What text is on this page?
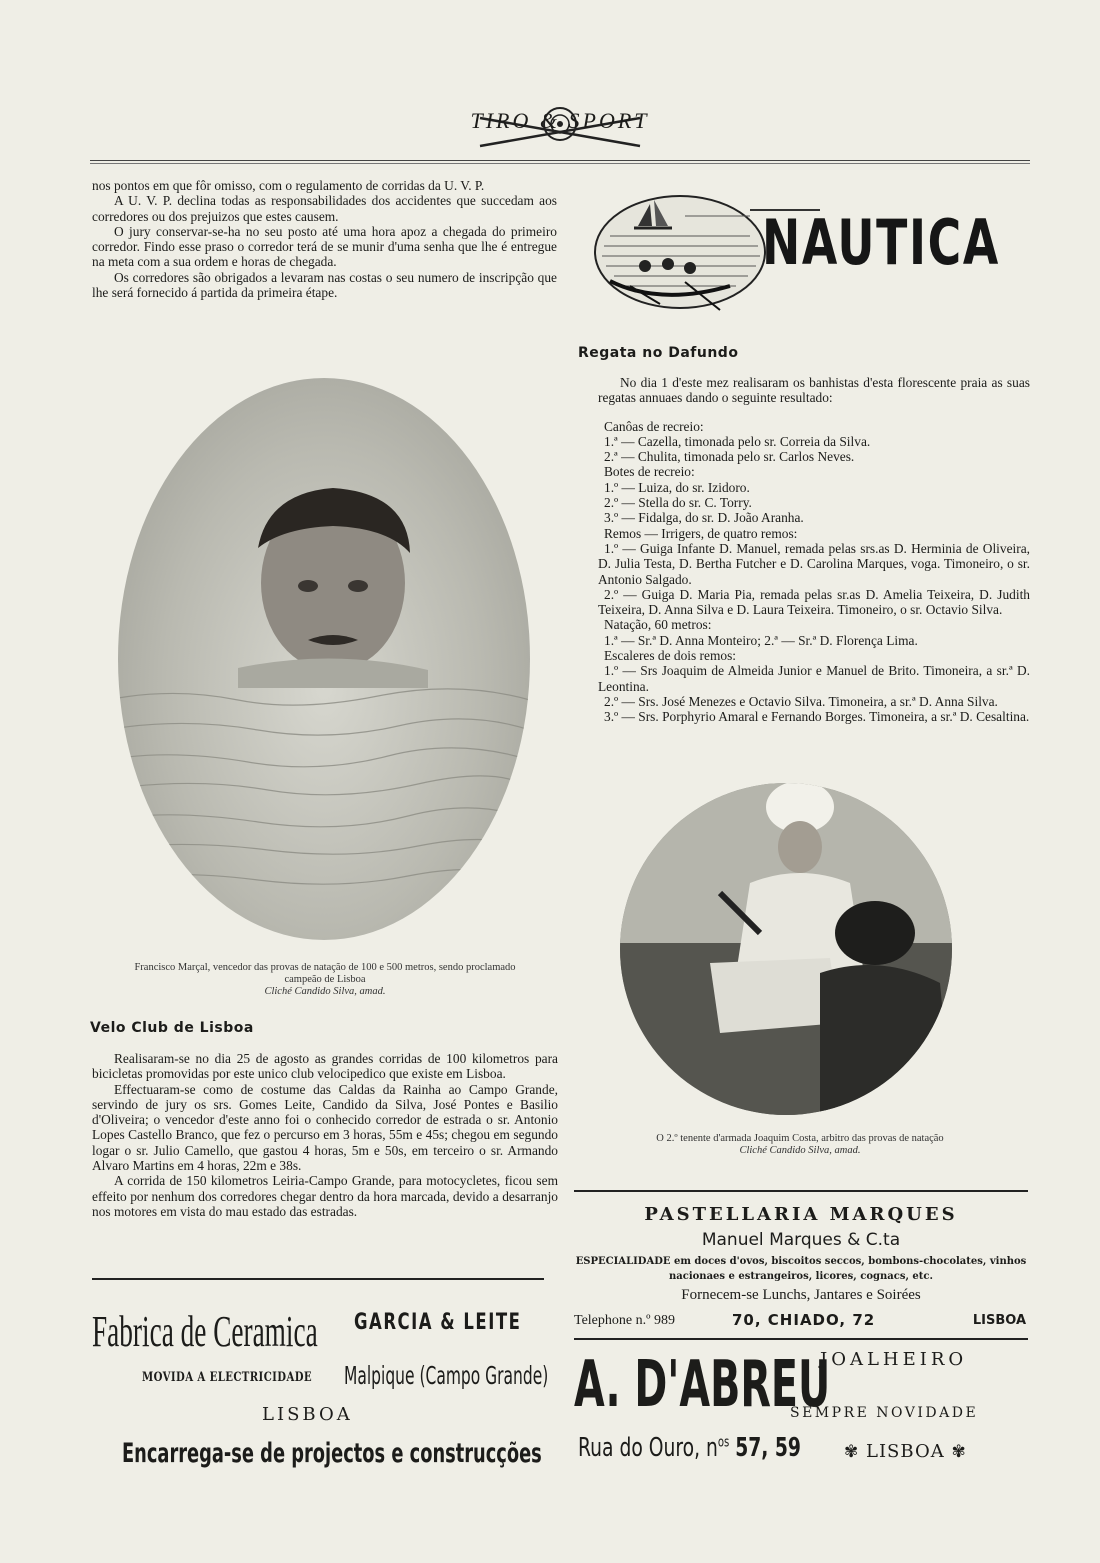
TIRO & SPORT

nos pontos em que fôr omisso, com o regulamento de corridas da U. V. P.

A U. V. P. declina todas as responsabilidades dos accidentes que succedam aos corredores ou dos prejuizos que estes causem.

O jury conservar-se-ha no seu posto até uma hora apoz a chegada do primeiro corredor. Findo esse praso o corredor terá de se munir d'uma senha que lhe é entregue na meta com a sua ordem e horas de chegada.

Os corredores são obrigados a levaram nas costas o seu numero de inscripção que lhe será fornecido á partida da primeira étape.

NAUTICA
Regata no Dafundo

No dia 1 d'este mez realisaram os banhistas d'esta florescente praia as suas regatas annuaes dando o seguinte resultado:

Canôas de recreio:

1.ª — Cazella, timonada pelo sr. Correia da Silva.

2.ª — Chulita, timonada pelo sr. Carlos Neves.

Botes de recreio:

1.º — Luiza, do sr. Izidoro.

2.º — Stella do sr. C. Torry.

3.º — Fidalga, do sr. D. João Aranha.

Remos — Irrigers, de quatro remos:

1.º — Guiga Infante D. Manuel, remada pelas srs.as D. Herminia de Oliveira, D. Julia Testa, D. Bertha Futcher e D. Carolina Marques, voga. Timoneiro, o sr. Antonio Salgado.

2.º — Guiga D. Maria Pia, remada pelas sr.as D. Amelia Teixeira, D. Judith Teixeira, D. Anna Silva e D. Laura Teixeira. Timoneiro, o sr. Octavio Silva.

Natação, 60 metros:

1.ª — Sr.ª D. Anna Monteiro; 2.ª — Sr.ª D. Florença Lima.

Escaleres de dois remos:

1.º — Srs Joaquim de Almeida Junior e Manuel de Brito. Timoneira, a sr.ª D. Leontina.

2.º — Srs. José Menezes e Octavio Silva. Timoneira, a sr.ª D. Anna Silva.

3.º — Srs. Porphyrio Amaral e Fernando Borges. Timoneira, a sr.ª D. Cesaltina.

Francisco Marçal, vencedor das provas de natação de 100 e 500 metros, sendo proclamado campeão de Lisboa
Cliché Candido Silva, amad.
O 2.º tenente d'armada Joaquim Costa, arbitro das provas de natação
Cliché Candido Silva, amad.
Velo Club de Lisboa

Realisaram-se no dia 25 de agosto as grandes corridas de 100 kilometros para bicicletas promovidas por este unico club velocipedico que existe em Lisboa.

Effectuaram-se como de costume das Caldas da Rainha ao Campo Grande, servindo de jury os srs. Gomes Leite, Candido da Silva, José Pontes e Basilio d'Oliveira; o vencedor d'este anno foi o conhecido corredor de estrada o sr. Antonio Lopes Castello Branco, que fez o percurso em 3 horas, 55m e 45s; chegou em segundo logar o sr. Julio Camello, que gastou 4 horas, 5m e 50s, em terceiro o sr. Armando Alvaro Martins em 4 horas, 22m e 38s.

A corrida de 150 kilometros Leiria-Campo Grande, para motocycletes, ficou sem effeito por nenhum dos corredores chegar dentro da hora marcada, devido a desarranjo nos motores em vista do mau estado das estradas.

Fabrica de Ceramica GARCIA & LEITE
MOVIDA A ELECTRICIDADE Malpique (Campo Grande)
LISBOA
Encarrega-se de projectos e construcções
PASTELLARIA MARQUES
Manuel Marques & C.ta
ESPECIALIDADE em doces d'ovos, biscoitos seccos, bombons-chocolates, vinhos nacionaes e estrangeiros, licores, cognacs, etc.
Fornecem-se Lunchs, Jantares e Soirées
Telephone n.º 989	70, CHIADO, 72	LISBOA
A. D'ABREU
JOALHEIRO
SEMPRE NOVIDADE
Rua do Ouro, $n^{os}$ 57, 59	✾ LISBOA ✾
